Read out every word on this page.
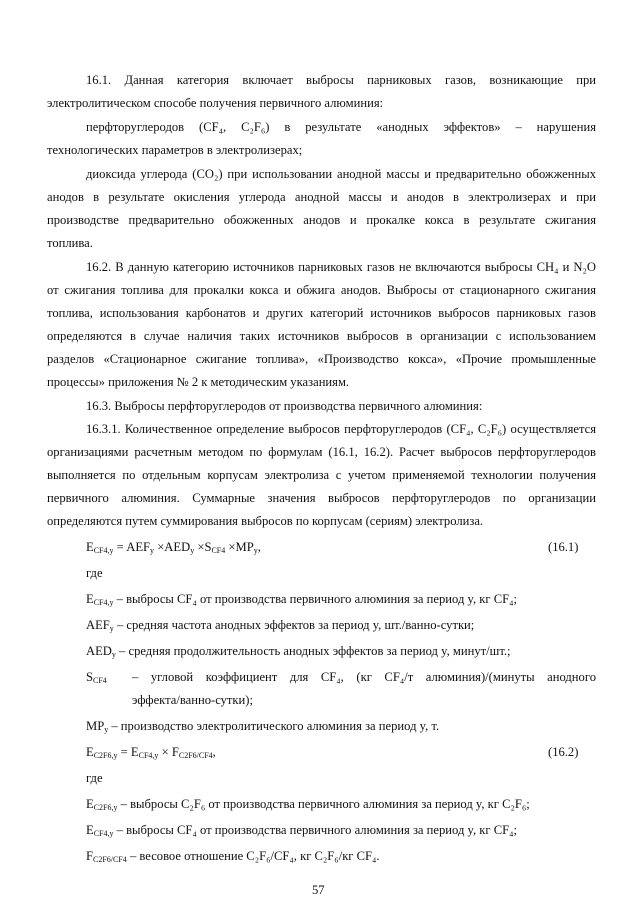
16.1. Данная категория включает выбросы парниковых газов, возникающие при
электролитическом способе получения первичного алюминия:
перфторуглеродов (CF₄, C₂F₆) в результате «анодных эффектов» – нарушения
технологических параметров в электролизерах;
диоксида углерода (CO₂) при использовании анодной массы и предварительно обожженных
анодов в результате окисления углерода анодной массы и анодов в электролизерах и при
производстве предварительно обожженных анодов и прокалке кокса в результате сжигания
топлива.
16.2. В данную категорию источников парниковых газов не включаются выбросы CH₄ и N₂O
от сжигания топлива для прокалки кокса и обжига анодов. Выбросы от стационарного сжигания
топлива, использования карбонатов и других категорий источников выбросов парниковых газов
определяются в случае наличия таких источников выбросов в организации с использованием
разделов «Стационарное сжигание топлива», «Производство кокса», «Прочие промышленные
процессы» приложения № 2 к методическим указаниям.
16.3. Выбросы перфторуглеродов от производства первичного алюминия:
16.3.1. Количественное определение выбросов перфторуглеродов (CF₄, C₂F₆) осуществляется
организациями расчетным методом по формулам (16.1, 16.2). Расчет выбросов перфторуглеродов
выполняется по отдельным корпусам электролиза с учетом применяемой технологии получения
первичного алюминия. Суммарные значения выбросов перфторуглеродов по организации
определяются путем суммирования выбросов по корпусам (сериям) электролиза.
$E_{CF4,y} = AEF_y \times AED_y \times S_{CF4} \times MP_y$,	(16.1)
где
$E_{CF4,y}$ – выбросы CF₄ от производства первичного алюминия за период y, кг CF₄;
$AEF_y$ – средняя частота анодных эффектов за период y, шт./ванно-сутки;
$AED_y$ – средняя продолжительность анодных эффектов за период y, минут/шт.;
$S_{CF4}$ – угловой коэффициент для CF₄, (кг CF₄/т алюминия)/(минуты анодного
эффекта/ванно-сутки);
$MP_y$ – производство электролитического алюминия за период y, т.
$E_{C2F6,y} = E_{CF4,y} \times F_{C2F6/CF4}$,	(16.2)
где
$E_{C2F6,y}$ – выбросы C₂F₆ от производства первичного алюминия за период y, кг C₂F₆;
$E_{CF4,y}$ – выбросы CF₄ от производства первичного алюминия за период y, кг CF₄;
$F_{C2F6/CF4}$ – весовое отношение C₂F₆/CF₄, кг C₂F₆/кг CF₄.
57
